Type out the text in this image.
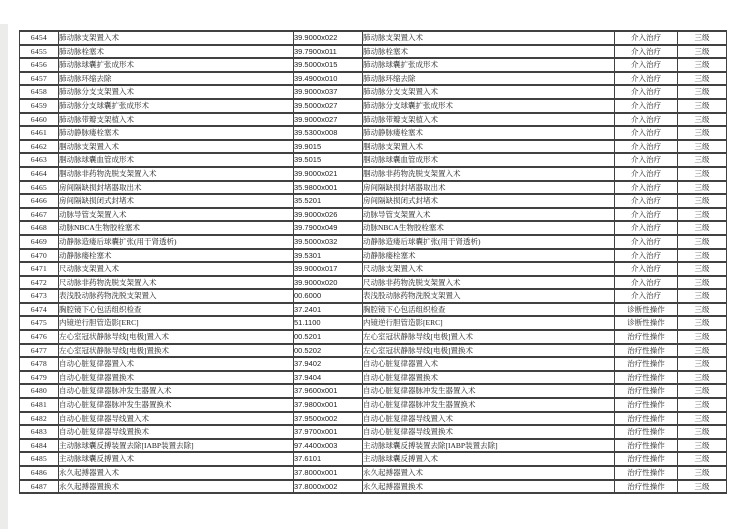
6454	肺动脉支架置入术	39.9000x022	肺动脉支架置入术	介入治疗	三级
6455	肺动脉栓塞术	39.7900x011	肺动脉栓塞术	介入治疗	三级
6456	肺动脉球囊扩张成形术	39.5000x015	肺动脉球囊扩张成形术	介入治疗	三级
6457	肺动脉环缩去除	39.4900x010	肺动脉环缩去除	介入治疗	三级
6458	肺动脉分支支架置入术	39.9000x037	肺动脉分支支架置入术	介入治疗	三级
6459	肺动脉分支球囊扩张成形术	39.5000x027	肺动脉分支球囊扩张成形术	介入治疗	三级
6460	肺动脉带瓣支架植入术	39.9000x027	肺动脉带瓣支架植入术	介入治疗	三级
6461	肺动静脉瘘栓塞术	39.5300x008	肺动静脉瘘栓塞术	介入治疗	三级
6462	腘动脉支架置入术	39.9015	腘动脉支架置入术	介入治疗	三级
6463	腘动脉球囊血管成形术	39.5015	腘动脉球囊血管成形术	介入治疗	三级
6464	腘动脉非药物洗脱支架置入术	39.9000x021	腘动脉非药物洗脱支架置入术	介入治疗	三级
6465	房间隔缺损封堵器取出术	35.9800x001	房间隔缺损封堵器取出术	介入治疗	三级
6466	房间隔缺损闭式封堵术	35.5201	房间隔缺损闭式封堵术	介入治疗	三级
6467	动脉导管支架置入术	39.9000x026	动脉导管支架置入术	介入治疗	三级
6468	动脉NBCA生物胶栓塞术	39.7900x049	动脉NBCA生物胶栓塞术	介入治疗	三级
6469	动静脉造瘘后球囊扩张(用于肾透析)	39.5000x032	动静脉造瘘后球囊扩张(用于肾透析)	介入治疗	三级
6470	动静脉瘘栓塞术	39.5301	动静脉瘘栓塞术	介入治疗	三级
6471	尺动脉支架置入术	39.9000x017	尺动脉支架置入术	介入治疗	三级
6472	尺动脉非药物洗脱支架置入术	39.9000x020	尺动脉非药物洗脱支架置入术	介入治疗	三级
6473	表浅股动脉药物洗脱支架置入	00.6000	表浅股动脉药物洗脱支架置入	介入治疗	三级
6474	胸腔镜下心包活组织检查	37.2401	胸腔镜下心包活组织检查	诊断性操作	三级
6475	内镜逆行胆管造影[ERC]	51.1100	内镜逆行胆管造影[ERC]	诊断性操作	三级
6476	左心室冠状静脉导线[电极]置入术	00.5201	左心室冠状静脉导线[电极]置入术	治疗性操作	三级
6477	左心室冠状静脉导线[电极]置换术	00.5202	左心室冠状静脉导线[电极]置换术	治疗性操作	三级
6478	自动心脏复律器置入术	37.9402	自动心脏复律器置入术	治疗性操作	三级
6479	自动心脏复律器置换术	37.9404	自动心脏复律器置换术	治疗性操作	三级
6480	自动心脏复律器脉冲发生器置入术	37.9600x001	自动心脏复律器脉冲发生器置入术	治疗性操作	三级
6481	自动心脏复律器脉冲发生器置换术	37.9800x001	自动心脏复律器脉冲发生器置换术	治疗性操作	三级
6482	自动心脏复律器导线置入术	37.9500x002	自动心脏复律器导线置入术	治疗性操作	三级
6483	自动心脏复律器导线置换术	37.9700x001	自动心脏复律器导线置换术	治疗性操作	三级
6484	主动脉球囊反搏装置去除[IABP装置去除]	97.4400x003	主动脉球囊反搏装置去除[IABP装置去除]	治疗性操作	三级
6485	主动脉球囊反搏置入术	37.6101	主动脉球囊反搏置入术	治疗性操作	三级
6486	永久起搏器置入术	37.8000x001	永久起搏器置入术	治疗性操作	三级
6487	永久起搏器置换术	37.8000x002	永久起搏器置换术	治疗性操作	三级
